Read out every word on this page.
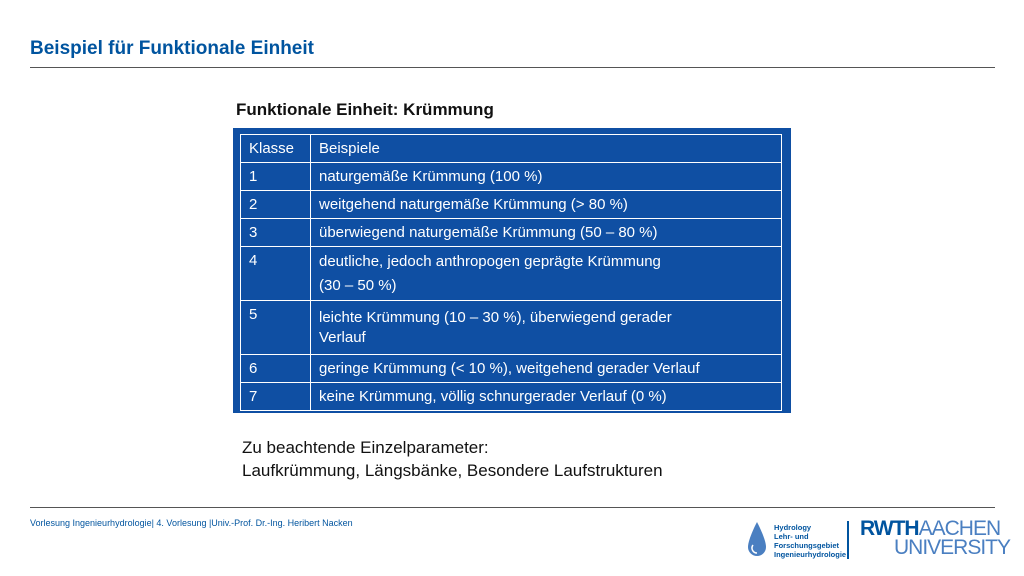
Beispiel für Funktionale Einheit
Funktionale Einheit: Krümmung
Klasse	Beispiele
1	naturgemäße Krümmung (100 %)
2	weitgehend naturgemäße Krümmung (> 80 %)
3	überwiegend naturgemäße Krümmung (50 – 80 %)
4	deutliche, jedoch anthropogen geprägte Krümmung
(30 – 50 %)

5	leichte Krümmung (10 – 30 %), überwiegend gerader
Verlauf

6	geringe Krümmung (< 10 %), weitgehend gerader Verlauf
7	keine Krümmung, völlig schnurgerader Verlauf (0 %)
Zu beachtende Einzelparameter:
Laufkrümmung, Längsbänke, Besondere Laufstrukturen
Vorlesung Ingenieurhydrologie| 4. Vorlesung |Univ.-Prof. Dr.-Ing. Heribert Nacken	Hydrology
Lehr- und
Forschungsgebiet
Ingenieurhydrologie
RWTHAACHEN
UNIVERSITY
